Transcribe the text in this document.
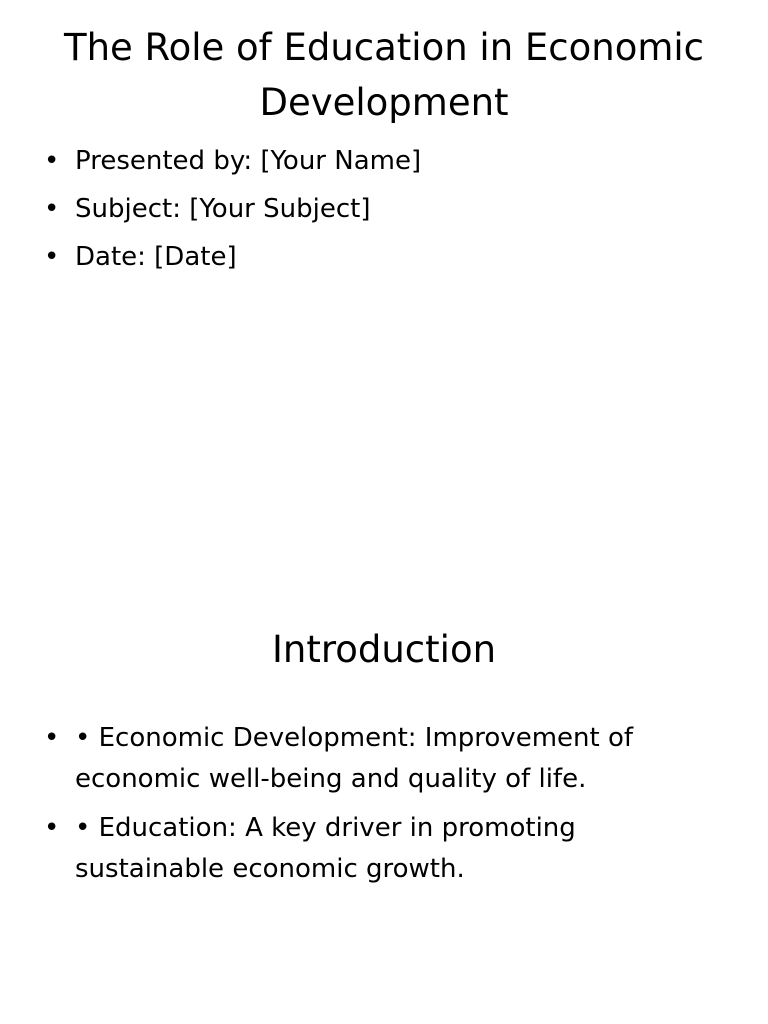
The Role of Education in Economic Development
• Presented by: [Your Name]
• Subject: [Your Subject]
• Date: [Date]
Introduction
• • Economic Development: Improvement of economic well-being and quality of life.
• • Education: A key driver in promoting sustainable economic growth.
